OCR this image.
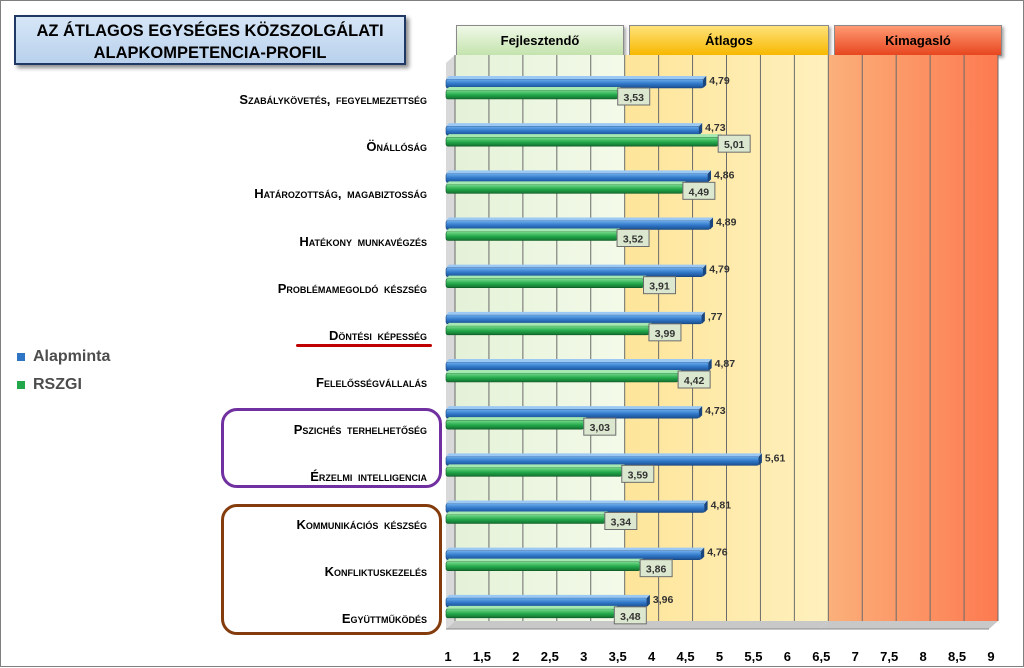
AZ ÁTLAGOS EGYSÉGES KÖZSZOLGÁLATI
ALAPKOMPETENCIA-PROFIL
Fejlesztendő	Átlagos	Kimagasló
Alapminta
RSZGI
Szabálykövetés, fegyelmezettség
Önállóság
Határozottság, magabiztosság
Hatékony munkavégzés
Problémamegoldó készség
Döntési képesség
Felelősségvállalás
Pszichés terhelhetőség
Érzelmi intelligencia
Kommunikációs készség
Konfliktuskezelés
Együttműködés
4,79
4,73
4,86
4,89
4,79
,77
4,87
4,73
5,61
4,81
4,76
3,96
3,53
5,01
4,49
3,52
3,91
3,99
4,42
3,03
3,59
3,34
3,86
3,48
1 1,5 2 2,5 3 3,5 4 4,5 5 5,5 6 6,5 7 7,5 8 8,5 9
